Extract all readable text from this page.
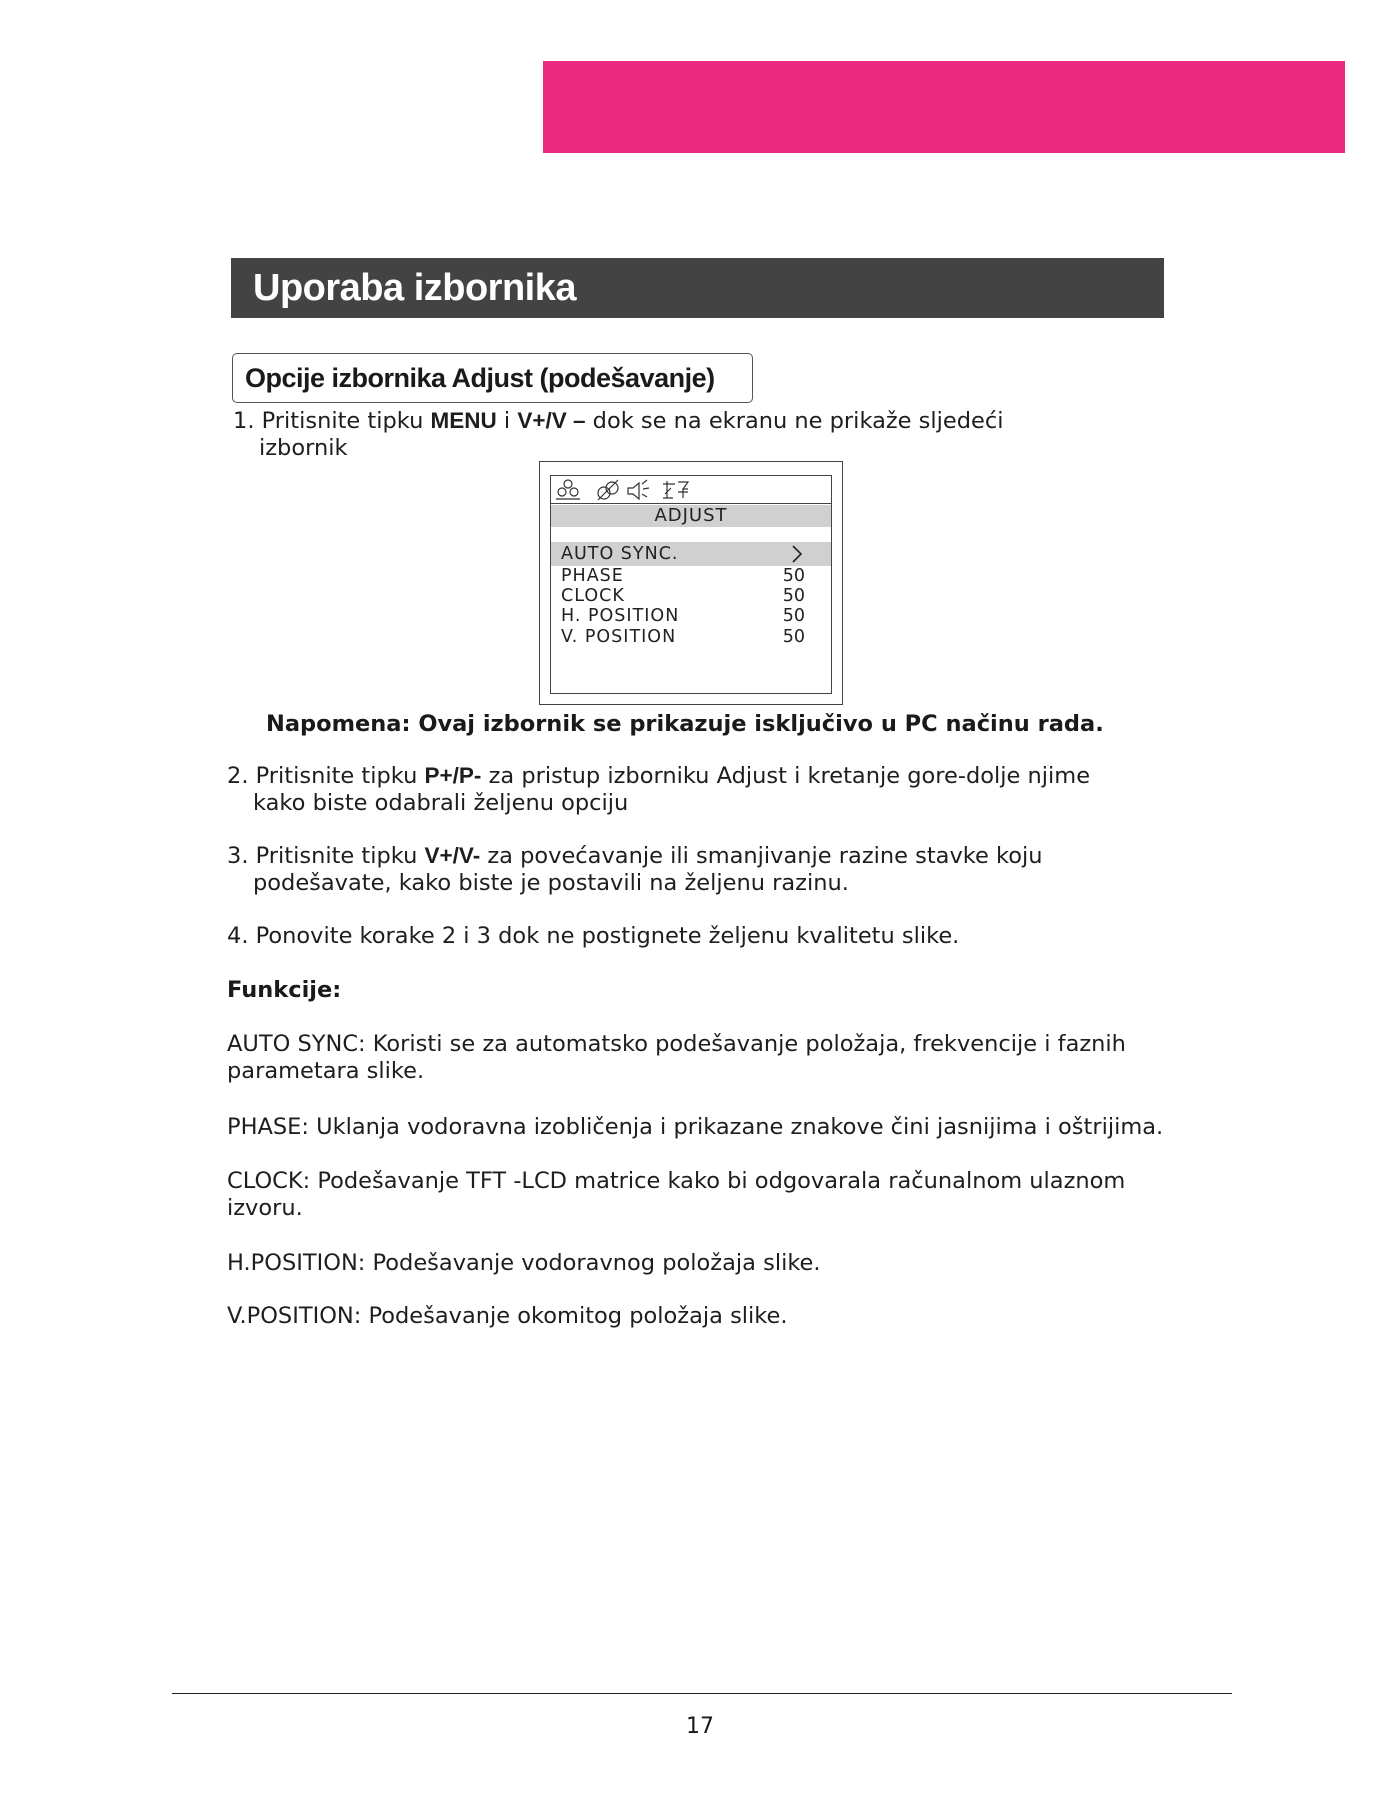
Uporaba izbornika
Opcije izbornika Adjust (podešavanje)
1. Pritisnite tipku MENU i V+/V – dok se na ekranu ne prikaže sljedeći
izbornik
ADJUST
AUTO SYNC.
PHASE	50
CLOCK	50
H. POSITION	50
V. POSITION	50
Napomena: Ovaj izbornik se prikazuje isključivo u PC načinu rada.
2. Pritisnite tipku P+/P- za pristup izborniku Adjust i kretanje gore-dolje njime
kako biste odabrali željenu opciju
3. Pritisnite tipku V+/V- za povećavanje ili smanjivanje razine stavke koju
podešavate, kako biste je postavili na željenu razinu.
4. Ponovite korake 2 i 3 dok ne postignete željenu kvalitetu slike.
Funkcije:
AUTO SYNC: Koristi se za automatsko podešavanje položaja, frekvencije i faznih
parametara slike.
PHASE: Uklanja vodoravna izobličenja i prikazane znakove čini jasnijima i oštrijima.
CLOCK: Podešavanje TFT -LCD matrice kako bi odgovarala računalnom ulaznom
izvoru.
H.POSITION: Podešavanje vodoravnog položaja slike.
V.POSITION: Podešavanje okomitog položaja slike.
17
